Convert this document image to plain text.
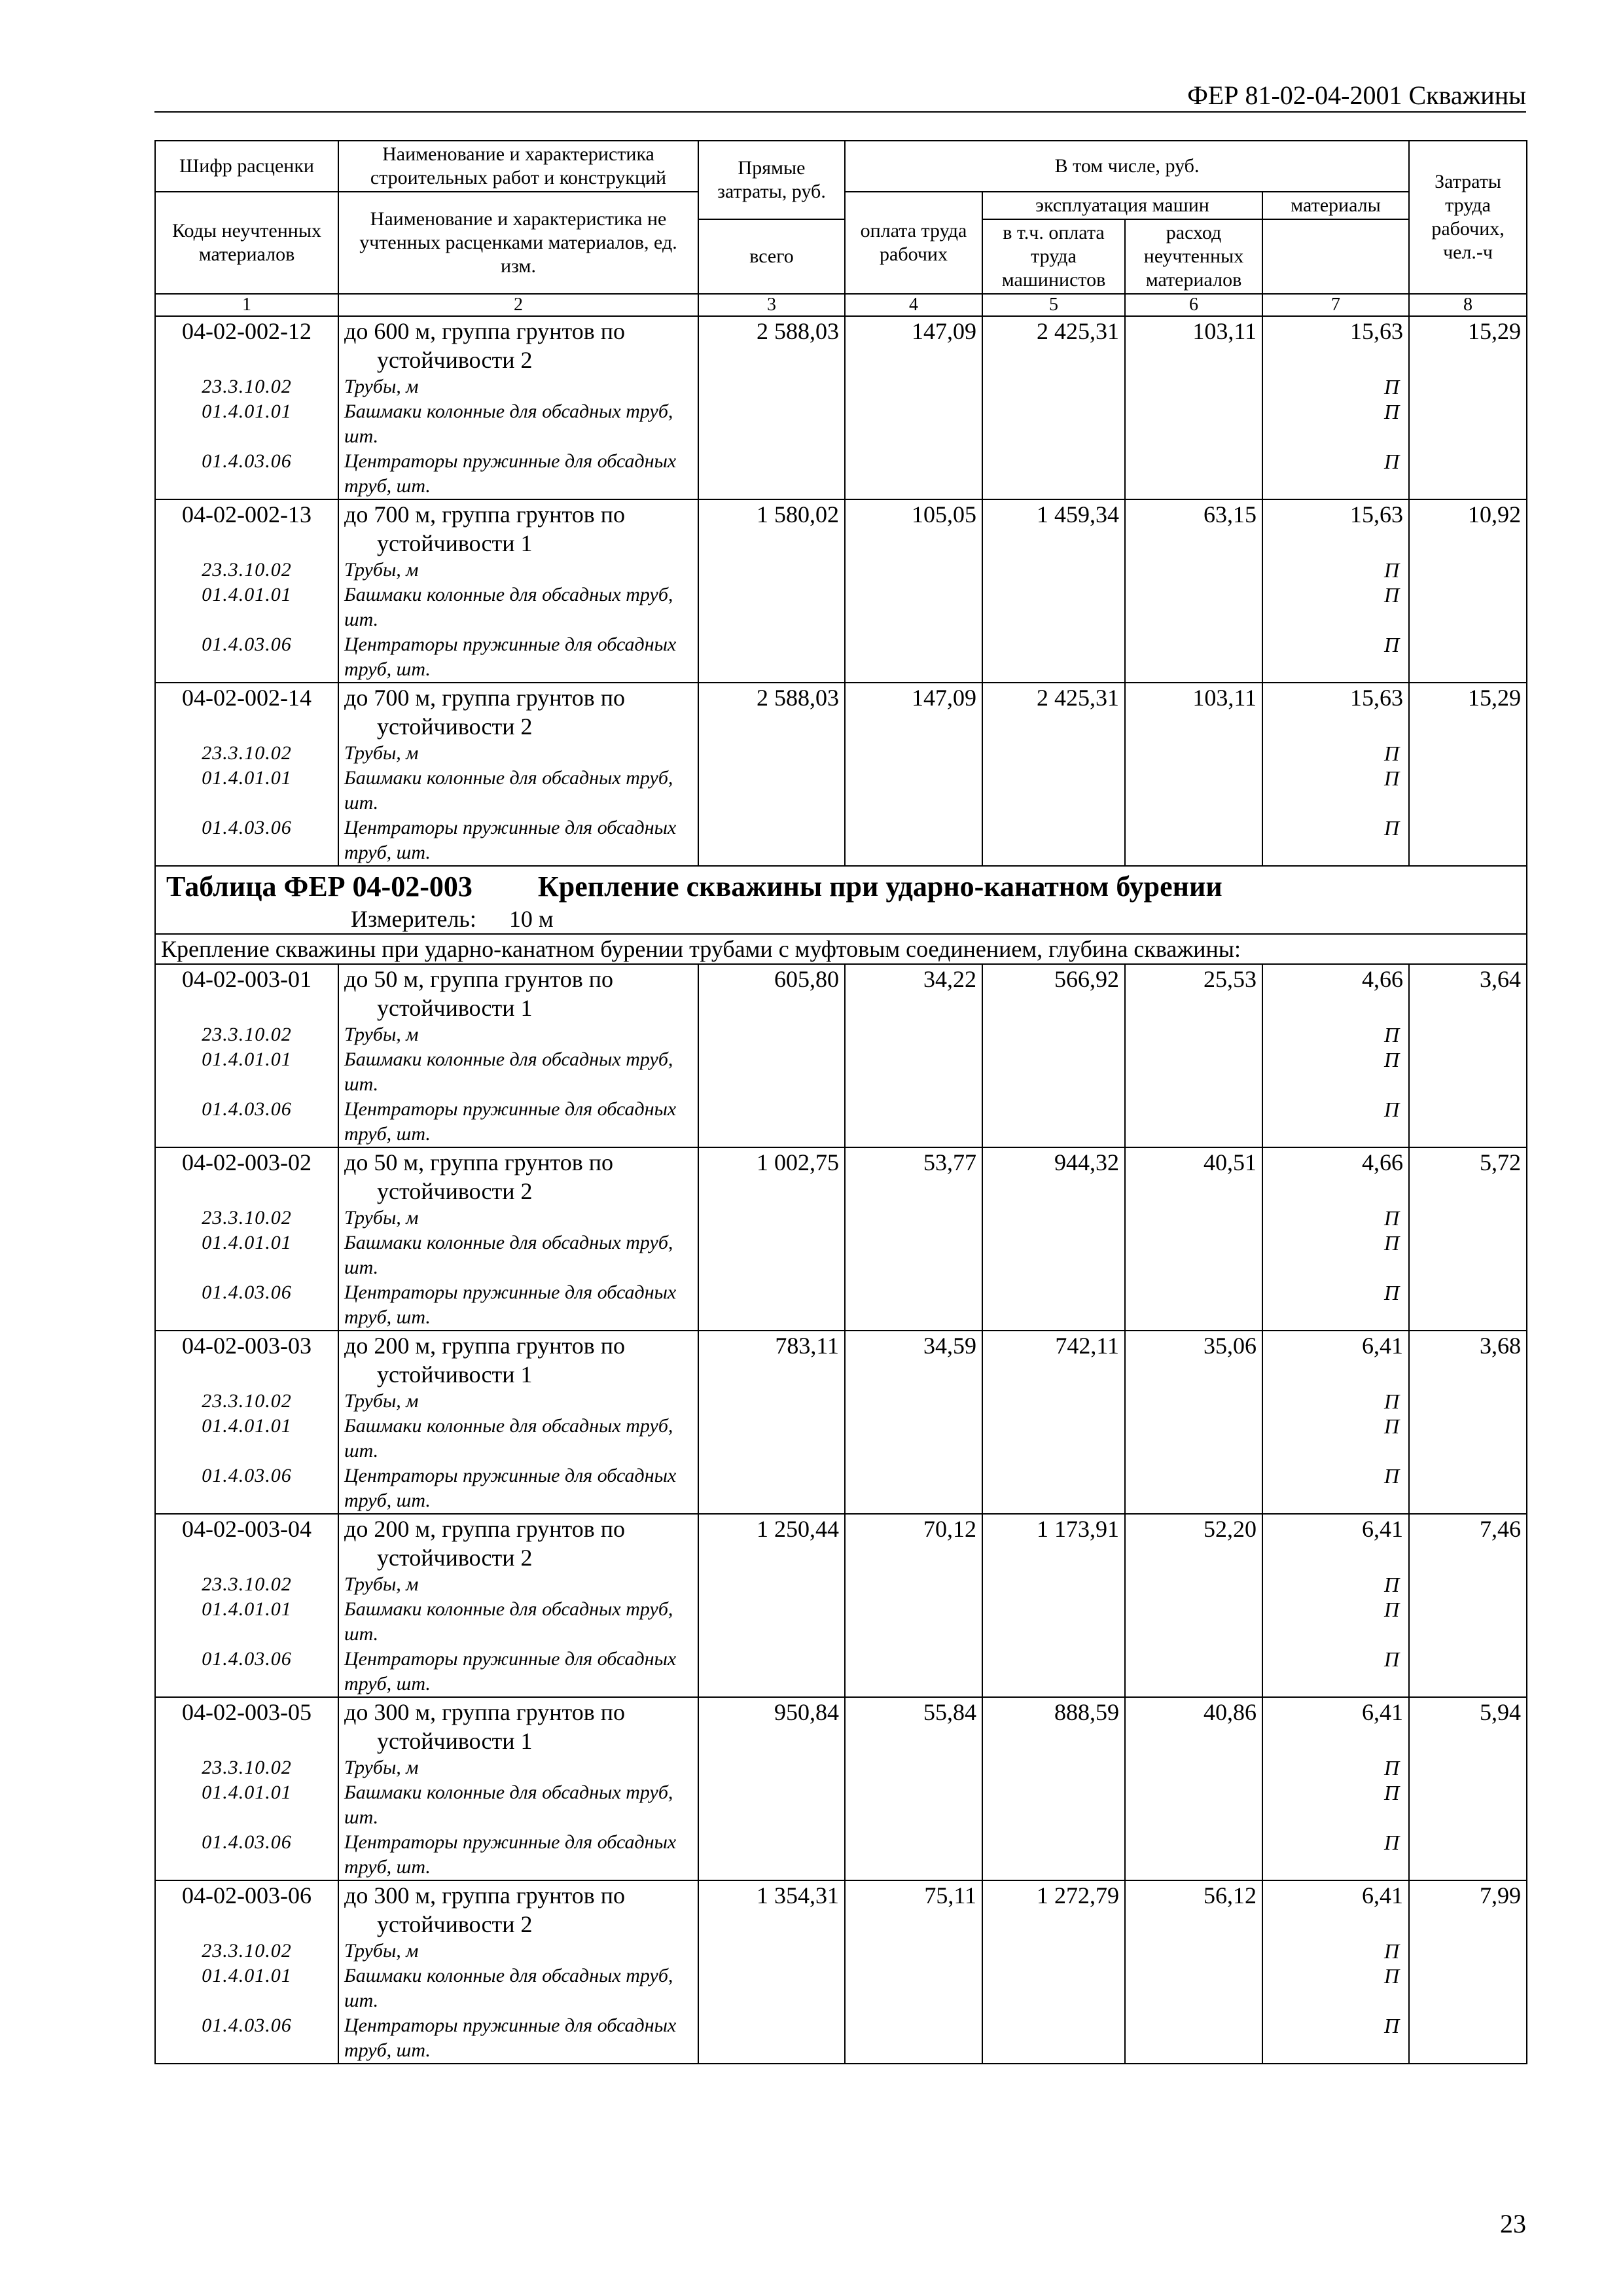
ФЕР 81-02-04-2001 Скважины
Шифр расценки	Наименование и характеристика строительных работ и конструкций	Прямые затраты, руб.	В том числе, руб.				Затраты труда рабочих, чел.-ч
Коды неучтенных материалов	Наименование и характеристика не учтенных расценками материалов, ед. изм.						
			оплата труда рабочих	эксплуатация машин		материалы	
		всего		в т.ч. оплата труда машинистов	расход неучтенных материалов		
1	2	3	4	5	6	7	8
04-02-002-12	до 600 м, группа грунтов по устойчивости 2	2 588,03	147,09	2 425,31	103,11	15,63	15,29
23.3.10.02	Трубы, м					П	
01.4.01.01	Башмаки колонные для обсадных труб, шт.					П	
01.4.03.06	Центраторы пружинные для обсадных труб, шт.					П	
04-02-002-13	до 700 м, группа грунтов по устойчивости 1	1 580,02	105,05	1 459,34	63,15	15,63	10,92
23.3.10.02	Трубы, м					П	
01.4.01.01	Башмаки колонные для обсадных труб, шт.					П	
01.4.03.06	Центраторы пружинные для обсадных труб, шт.					П	
04-02-002-14	до 700 м, группа грунтов по устойчивости 2	2 588,03	147,09	2 425,31	103,11	15,63	15,29
23.3.10.02	Трубы, м					П	
01.4.01.01	Башмаки колонные для обсадных труб, шт.					П	
01.4.03.06	Центраторы пружинные для обсадных труб, шт.					П	

Таблица ФЕР 04-02-003 Крепление скважины при ударно-канатном бурении
Измеритель: 10 м							

Крепление скважины при ударно-канатном бурении трубами с муфтовым соединением, глубина скважины:							
04-02-003-01	до 50 м, группа грунтов по устойчивости 1	605,80	34,22	566,92	25,53	4,66	3,64
23.3.10.02	Трубы, м					П	
01.4.01.01	Башмаки колонные для обсадных труб, шт.					П	
01.4.03.06	Центраторы пружинные для обсадных труб, шт.					П	
04-02-003-02	до 50 м, группа грунтов по устойчивости 2	1 002,75	53,77	944,32	40,51	4,66	5,72
23.3.10.02	Трубы, м					П	
01.4.01.01	Башмаки колонные для обсадных труб, шт.					П	
01.4.03.06	Центраторы пружинные для обсадных труб, шт.					П	
04-02-003-03	до 200 м, группа грунтов по устойчивости 1	783,11	34,59	742,11	35,06	6,41	3,68
23.3.10.02	Трубы, м					П	
01.4.01.01	Башмаки колонные для обсадных труб, шт.					П	
01.4.03.06	Центраторы пружинные для обсадных труб, шт.					П	
04-02-003-04	до 200 м, группа грунтов по устойчивости 2	1 250,44	70,12	1 173,91	52,20	6,41	7,46
23.3.10.02	Трубы, м					П	
01.4.01.01	Башмаки колонные для обсадных труб, шт.					П	
01.4.03.06	Центраторы пружинные для обсадных труб, шт.					П	
04-02-003-05	до 300 м, группа грунтов по устойчивости 1	950,84	55,84	888,59	40,86	6,41	5,94
23.3.10.02	Трубы, м					П	
01.4.01.01	Башмаки колонные для обсадных труб, шт.					П	
01.4.03.06	Центраторы пружинные для обсадных труб, шт.					П	
04-02-003-06	до 300 м, группа грунтов по устойчивости 2	1 354,31	75,11	1 272,79	56,12	6,41	7,99
23.3.10.02	Трубы, м					П	
01.4.01.01	Башмаки колонные для обсадных труб, шт.					П	
01.4.03.06	Центраторы пружинные для обсадных труб, шт.					П	
23
